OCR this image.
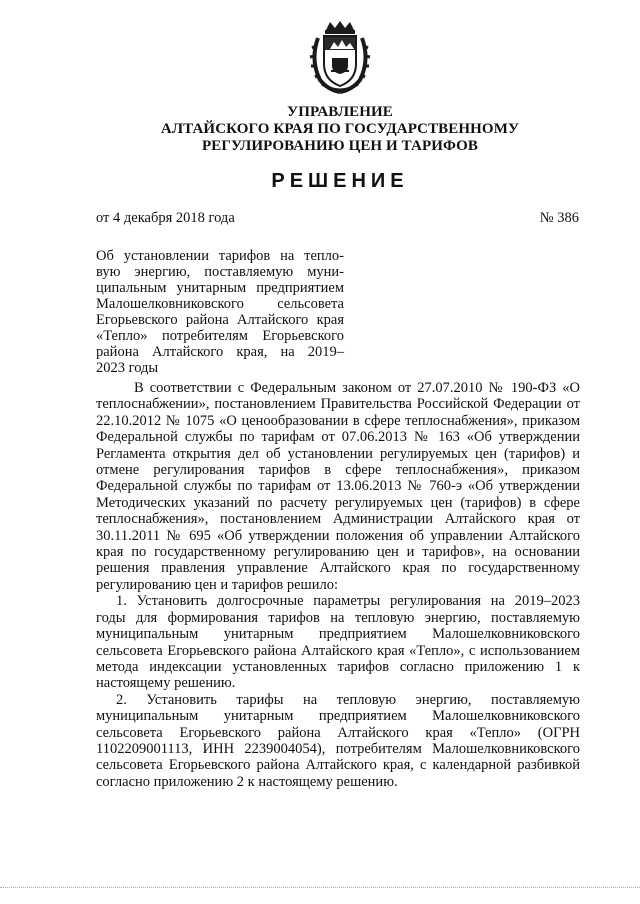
УПРАВЛЕНИЕ
АЛТАЙСКОГО КРАЯ ПО ГОСУДАРСТВЕННОМУ
РЕГУЛИРОВАНИЮ ЦЕН И ТАРИФОВ
РЕШЕНИЕ
от 4 декабря 2018 года	№ 386
Об установлении тарифов на тепло-
вую энергию, поставляемую муни-
ципальным унитарным предприятием
Малошелковниковского сельсовета
Егорьевского района Алтайского края
«Тепло» потребителям Егорьевского
района Алтайского края, на 2019–
2023 годы
В соответствии с Федеральным законом от 27.07.2010 № 190-ФЗ «О
теплоснабжении», постановлением Правительства Российской Федерации от
22.10.2012 № 1075 «О ценообразовании в сфере теплоснабжения», приказом
Федеральной службы по тарифам от 07.06.2013 № 163 «Об утверждении
Регламента открытия дел об установлении регулируемых цен (тарифов) и
отмене регулирования тарифов в сфере теплоснабжения», приказом
Федеральной службы по тарифам от 13.06.2013 № 760-э «Об утверждении
Методических указаний по расчету регулируемых цен (тарифов) в сфере
теплоснабжения», постановлением Администрации Алтайского края от
30.11.2011 № 695 «Об утверждении положения об управлении Алтайского
края по государственному регулированию цен и тарифов», на основании
решения правления управление Алтайского края по государственному
регулированию цен и тарифов решило:
1. Установить долгосрочные параметры регулирования на 2019–2023
годы для формирования тарифов на тепловую энергию, поставляемую
муниципальным унитарным предприятием Малошелковниковского
сельсовета Егорьевского района Алтайского края «Тепло», с использованием
метода индексации установленных тарифов согласно приложению 1 к
настоящему решению.
2. Установить тарифы на тепловую энергию, поставляемую
муниципальным унитарным предприятием Малошелковниковского
сельсовета Егорьевского района Алтайского края «Тепло» (ОГРН
1102209001113, ИНН 2239004054), потребителям Малошелковниковского
сельсовета Егорьевского района Алтайского края, с календарной разбивкой
согласно приложению 2 к настоящему решению.
